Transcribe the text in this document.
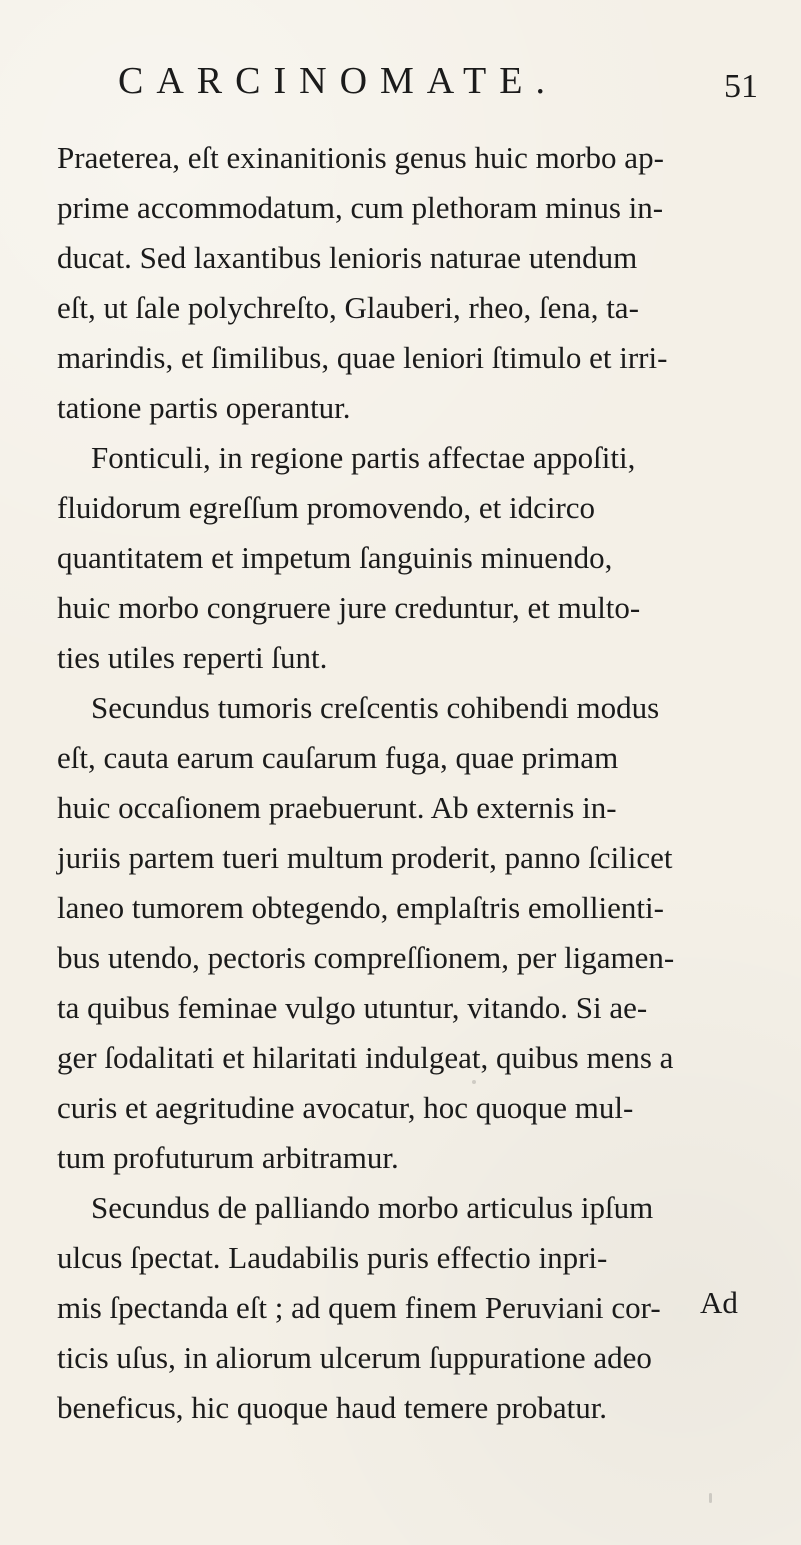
CARCINOMATE.	51
Praeterea, eſt exinanitionis genus huic morbo ap-
prime accommodatum, cum plethoram minus in-
ducat. Sed laxantibus lenioris naturae utendum
eſt, ut ſale polychreſto, Glauberi, rheo, ſena, ta-
marindis, et ſimilibus, quae leniori ſtimulo et irri-
tatione partis operantur.
Fonticuli, in regione partis affectae appoſiti,
fluidorum egreſſum promovendo, et idcirco
quantitatem et impetum ſanguinis minuendo,
huic morbo congruere jure creduntur, et multo-
ties utiles reperti ſunt.
Secundus tumoris creſcentis cohibendi modus
eſt, cauta earum cauſarum fuga, quae primam
huic occaſionem praebuerunt. Ab externis in-
juriis partem tueri multum proderit, panno ſcilicet
laneo tumorem obtegendo, emplaſtris emollienti-
bus utendo, pectoris compreſſionem, per ligamen-
ta quibus feminae vulgo utuntur, vitando. Si ae-
ger ſodalitati et hilaritati indulgeat, quibus mens a
curis et aegritudine avocatur, hoc quoque mul-
tum profuturum arbitramur.
Secundus de palliando morbo articulus ipſum
ulcus ſpectat. Laudabilis puris effectio inpri-
mis ſpectanda eſt ; ad quem finem Peruviani cor-
ticis uſus, in aliorum ulcerum ſuppuratione adeo
beneficus, hic quoque haud temere probatur.
Ad
